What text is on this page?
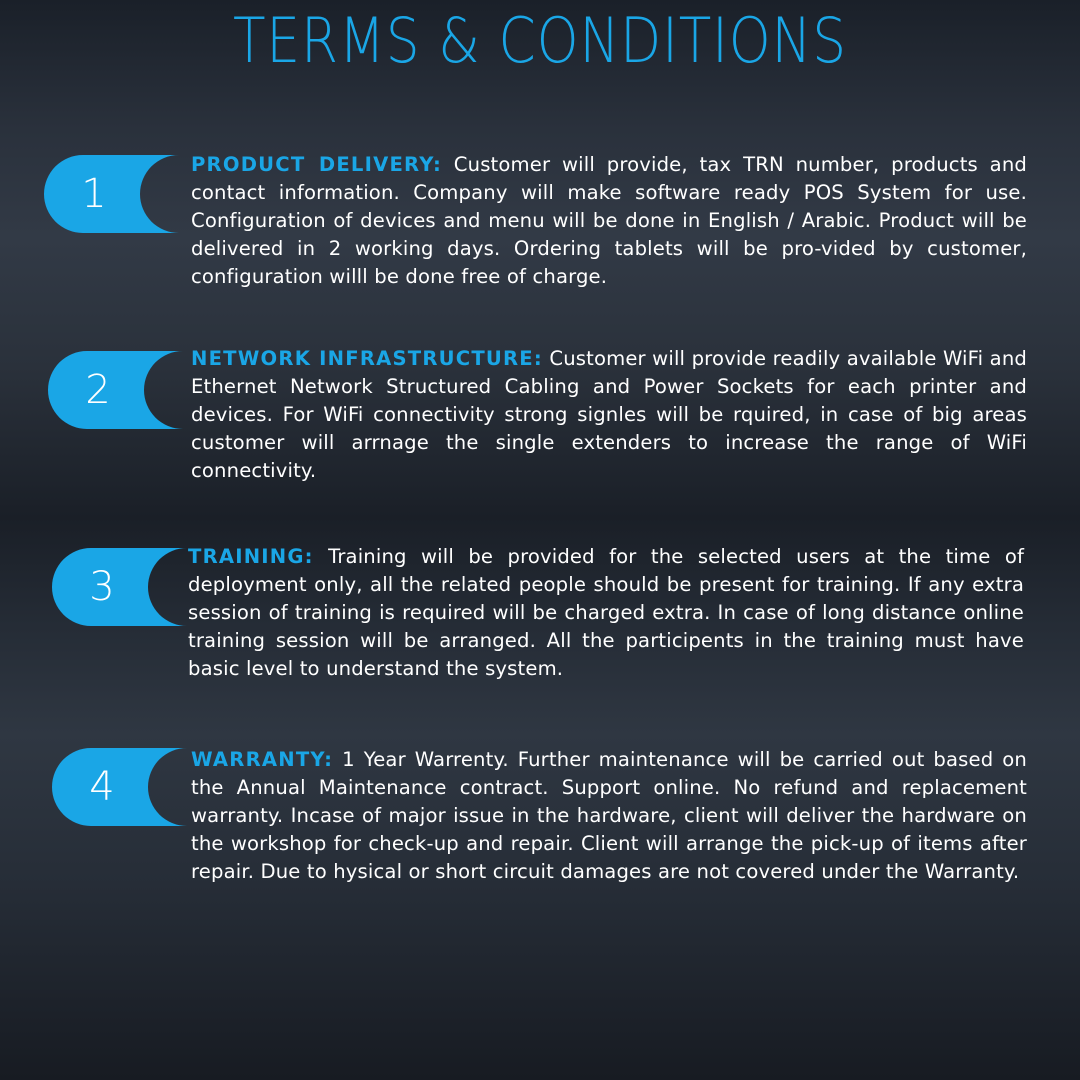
TERMS & CONDITIONS
1
PRODUCT DELIVERY: Customer will provide, tax TRN number, products and contact information. Company will make software ready POS System for use. Configuration of devices and menu will be done in English / Arabic. Product will be delivered in 2 working days. Ordering tablets will be pro-vided by customer, configuration willl be done free of charge.
2
NETWORK INFRASTRUCTURE: Customer will provide readily available WiFi and Ethernet Network Structured Cabling and Power Sockets for each printer and devices. For WiFi connectivity strong signles will be rquired, in case of big areas customer will arrnage the single extenders to increase the range of WiFi connectivity.
3
TRAINING: Training will be provided for the selected users at the time of deployment only, all the related people should be present for training. If any extra session of training is required will be charged extra. In case of long distance online training session will be arranged. All the participents in the training must have basic level to understand the system.
4
WARRANTY: 1 Year Warrenty. Further maintenance will be carried out based on the Annual Maintenance contract. Support online. No refund and replacement warranty. Incase of major issue in the hardware, client will deliver the hardware on the workshop for check-up and repair. Client will arrange the pick-up of items after repair. Due to hysical or short circuit damages are not covered under the Warranty.
